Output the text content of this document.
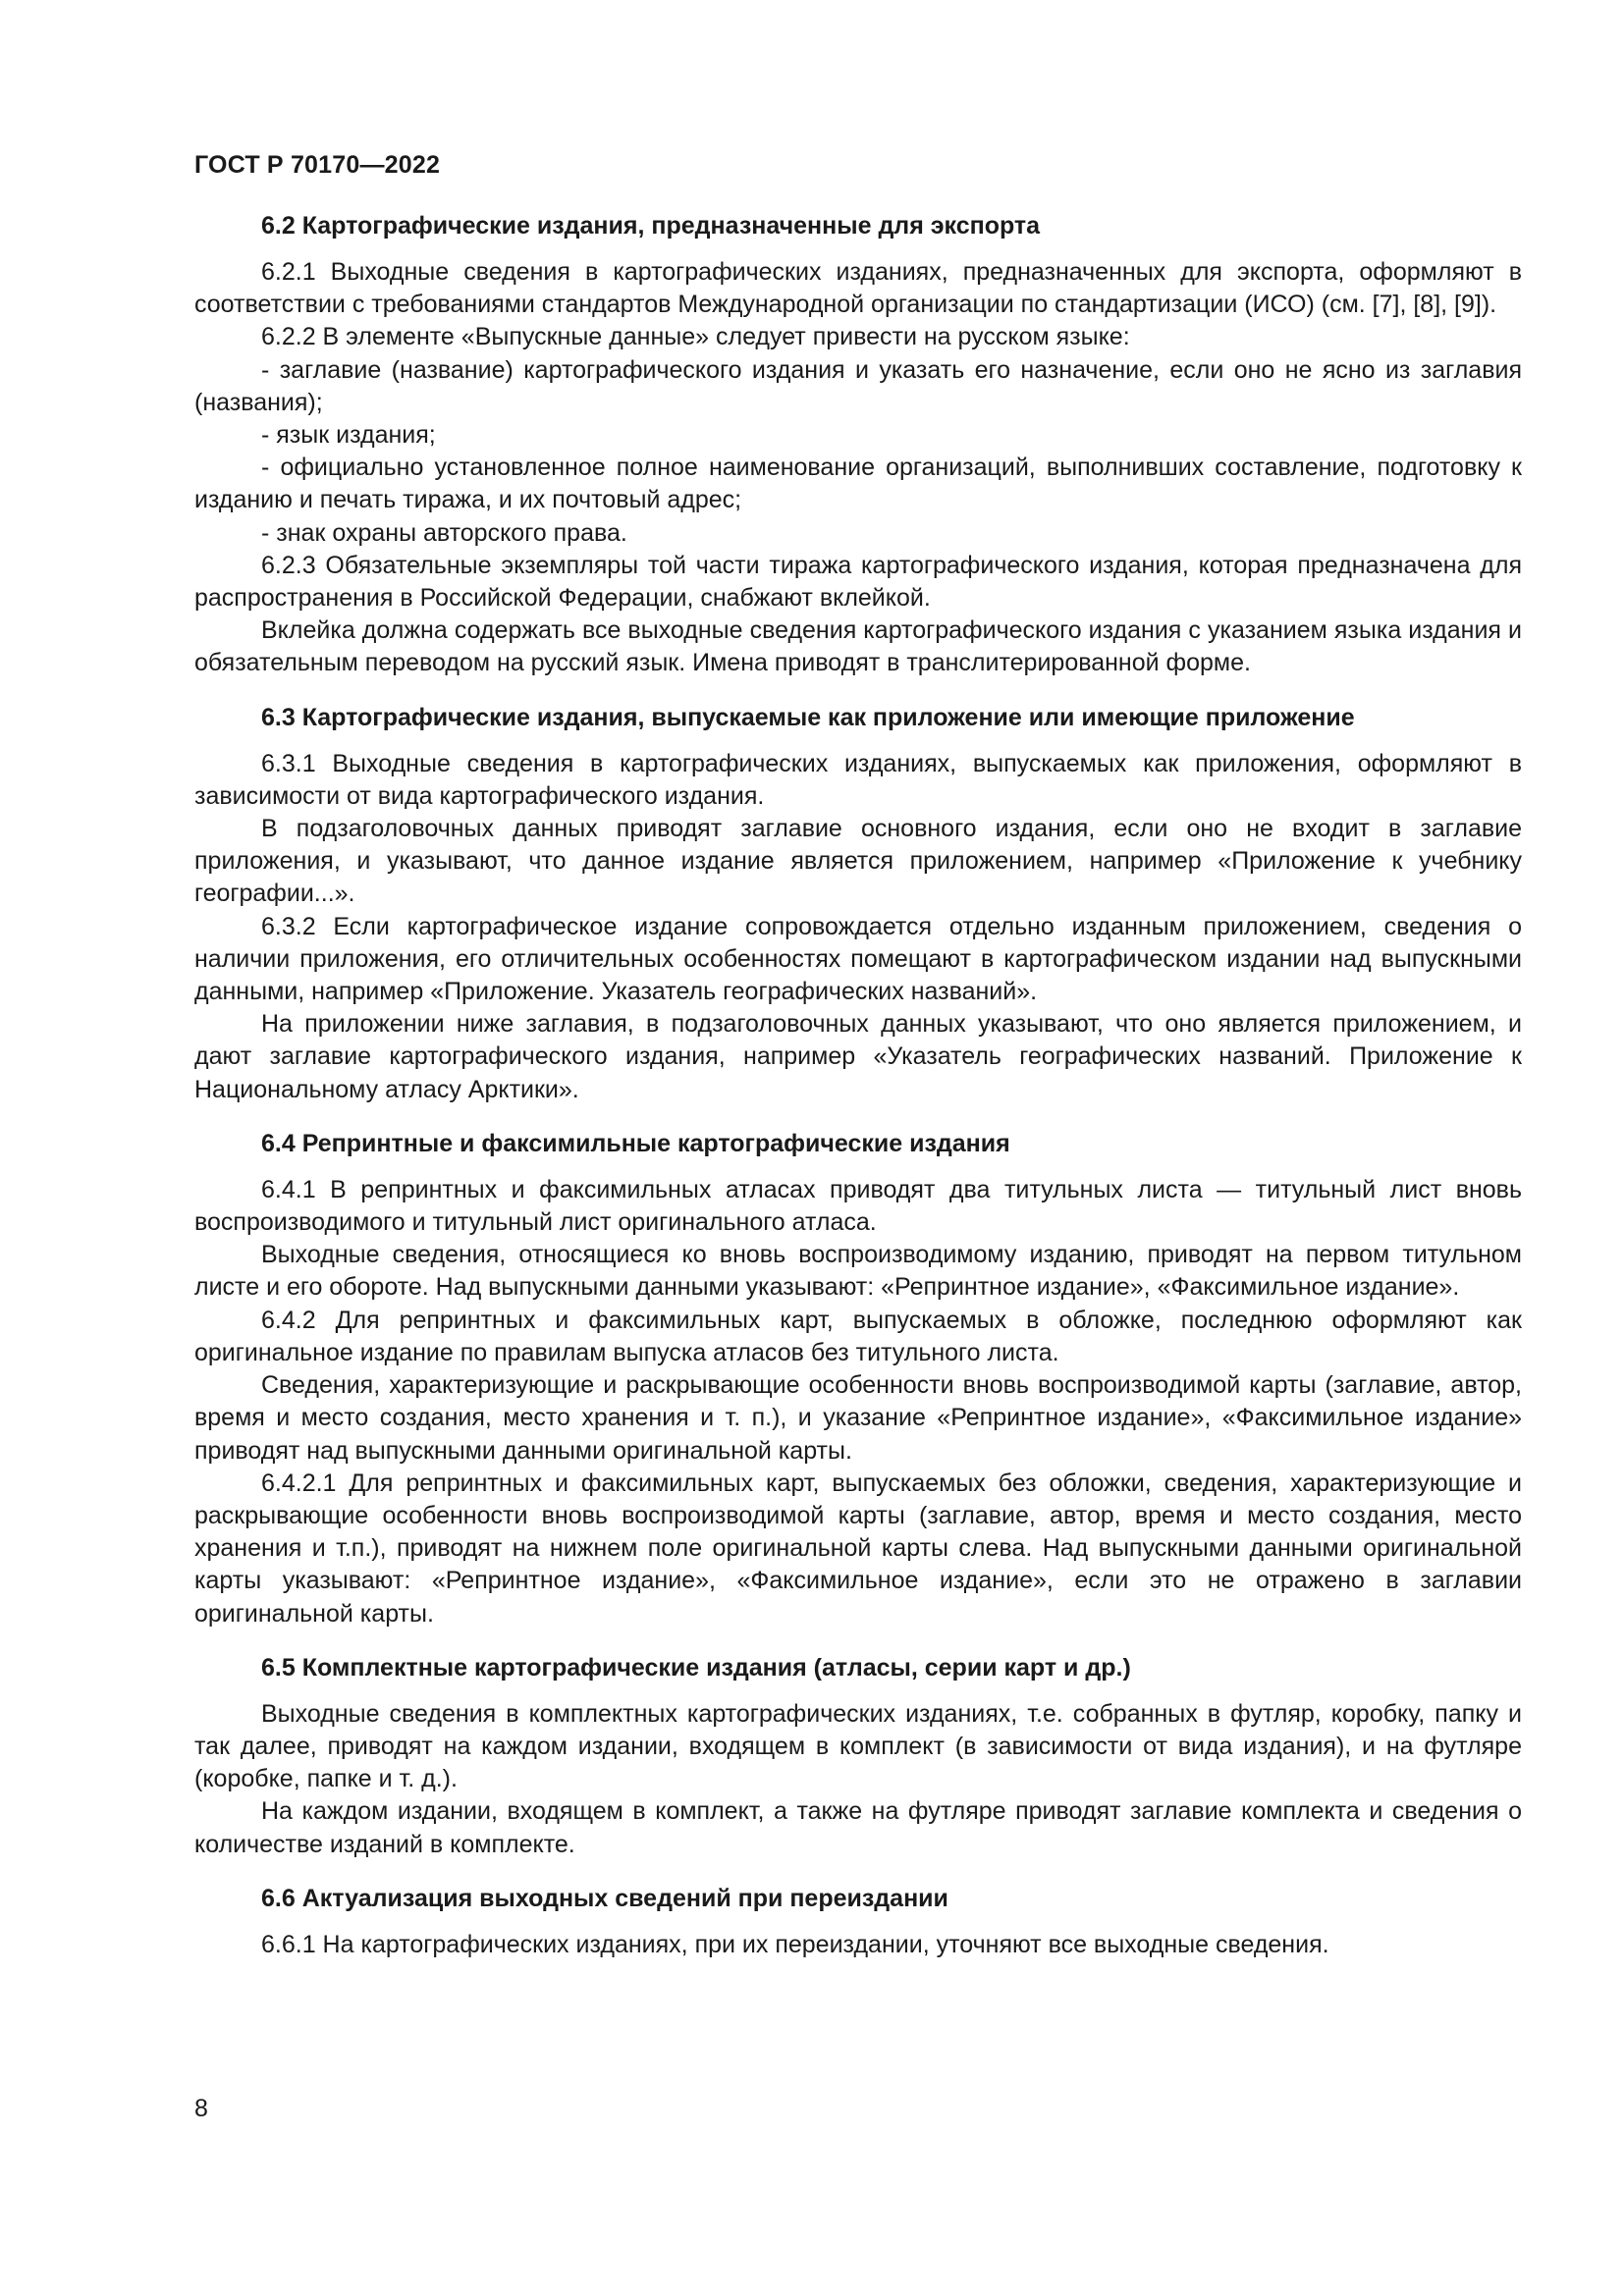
ГОСТ Р 70170—2022
6.2 Картографические издания, предназначенные для экспорта

6.2.1 Выходные сведения в картографических изданиях, предназначенных для экспорта, оформляют в соответствии с требованиями стандартов Международной организации по стандартизации (ИСО) (см. [7], [8], [9]).

6.2.2 В элементе «Выпускные данные» следует привести на русском языке:

- заглавие (название) картографического издания и указать его назначение, если оно не ясно из заглавия (названия);

- язык издания;

- официально установленное полное наименование организаций, выполнивших составление, подготовку к изданию и печать тиража, и их почтовый адрес;

- знак охраны авторского права.

6.2.3 Обязательные экземпляры той части тиража картографического издания, которая предназначена для распространения в Российской Федерации, снабжают вклейкой.

Вклейка должна содержать все выходные сведения картографического издания с указанием языка издания и обязательным переводом на русский язык. Имена приводят в транслитерированной форме.

6.3 Картографические издания, выпускаемые как приложение или имеющие приложение

6.3.1 Выходные сведения в картографических изданиях, выпускаемых как приложения, оформляют в зависимости от вида картографического издания.

В подзаголовочных данных приводят заглавие основного издания, если оно не входит в заглавие приложения, и указывают, что данное издание является приложением, например «Приложение к учебнику географии...».

6.3.2 Если картографическое издание сопровождается отдельно изданным приложением, сведения о наличии приложения, его отличительных особенностях помещают в картографическом издании над выпускными данными, например «Приложение. Указатель географических названий».

На приложении ниже заглавия, в подзаголовочных данных указывают, что оно является приложением, и дают заглавие картографического издания, например «Указатель географических названий. Приложение к Национальному атласу Арктики».

6.4 Репринтные и факсимильные картографические издания

6.4.1 В репринтных и факсимильных атласах приводят два титульных листа — титульный лист вновь воспроизводимого и титульный лист оригинального атласа.

Выходные сведения, относящиеся ко вновь воспроизводимому изданию, приводят на первом титульном листе и его обороте. Над выпускными данными указывают: «Репринтное издание», «Факсимильное издание».

6.4.2 Для репринтных и факсимильных карт, выпускаемых в обложке, последнюю оформляют как оригинальное издание по правилам выпуска атласов без титульного листа.

Сведения, характеризующие и раскрывающие особенности вновь воспроизводимой карты (заглавие, автор, время и место создания, место хранения и т. п.), и указание «Репринтное издание», «Факсимильное издание» приводят над выпускными данными оригинальной карты.

6.4.2.1 Для репринтных и факсимильных карт, выпускаемых без обложки, сведения, характеризующие и раскрывающие особенности вновь воспроизводимой карты (заглавие, автор, время и место создания, место хранения и т.п.), приводят на нижнем поле оригинальной карты слева. Над выпускными данными оригинальной карты указывают: «Репринтное издание», «Факсимильное издание», если это не отражено в заглавии оригинальной карты.

6.5 Комплектные картографические издания (атласы, серии карт и др.)

Выходные сведения в комплектных картографических изданиях, т.е. собранных в футляр, коробку, папку и так далее, приводят на каждом издании, входящем в комплект (в зависимости от вида издания), и на футляре (коробке, папке и т. д.).

На каждом издании, входящем в комплект, а также на футляре приводят заглавие комплекта и сведения о количестве изданий в комплекте.

6.6 Актуализация выходных сведений при переиздании

6.6.1 На картографических изданиях, при их переиздании, уточняют все выходные сведения.

8
